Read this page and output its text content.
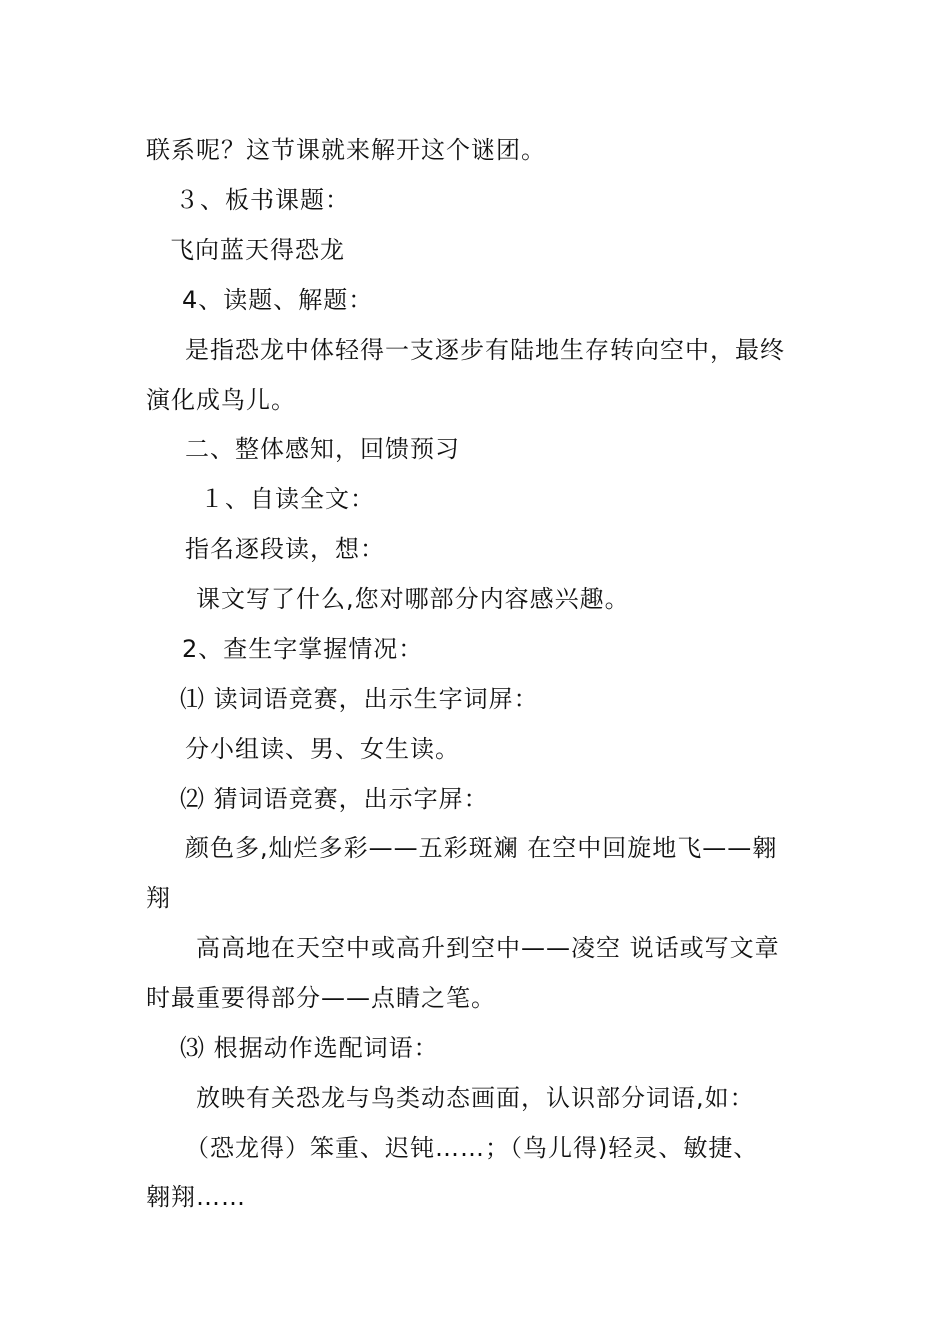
联系呢？这节课就来解开这个谜团。
３、板书课题：
飞向蓝天得恐龙
4、读题、解题：
是指恐龙中体轻得一支逐步有陆地生存转向空中，最终
演化成鸟儿。
二、整体感知，回馈预习
１、自读全文：
指名逐段读，想：
课文写了什么,您对哪部分内容感兴趣。
2、查生字掌握情况：
⑴ 读词语竞赛，出示生字词屏：
分小组读、男、女生读。
⑵ 猜词语竞赛，出示字屏：
颜色多,灿烂多彩——五彩斑斓 在空中回旋地飞——翱
翔
高高地在天空中或高升到空中——凌空 说话或写文章
时最重要得部分——点睛之笔。
⑶ 根据动作选配词语：
放映有关恐龙与鸟类动态画面，认识部分词语,如：
（恐龙得）笨重、迟钝……；（鸟儿得)轻灵、敏捷、
翱翔……
